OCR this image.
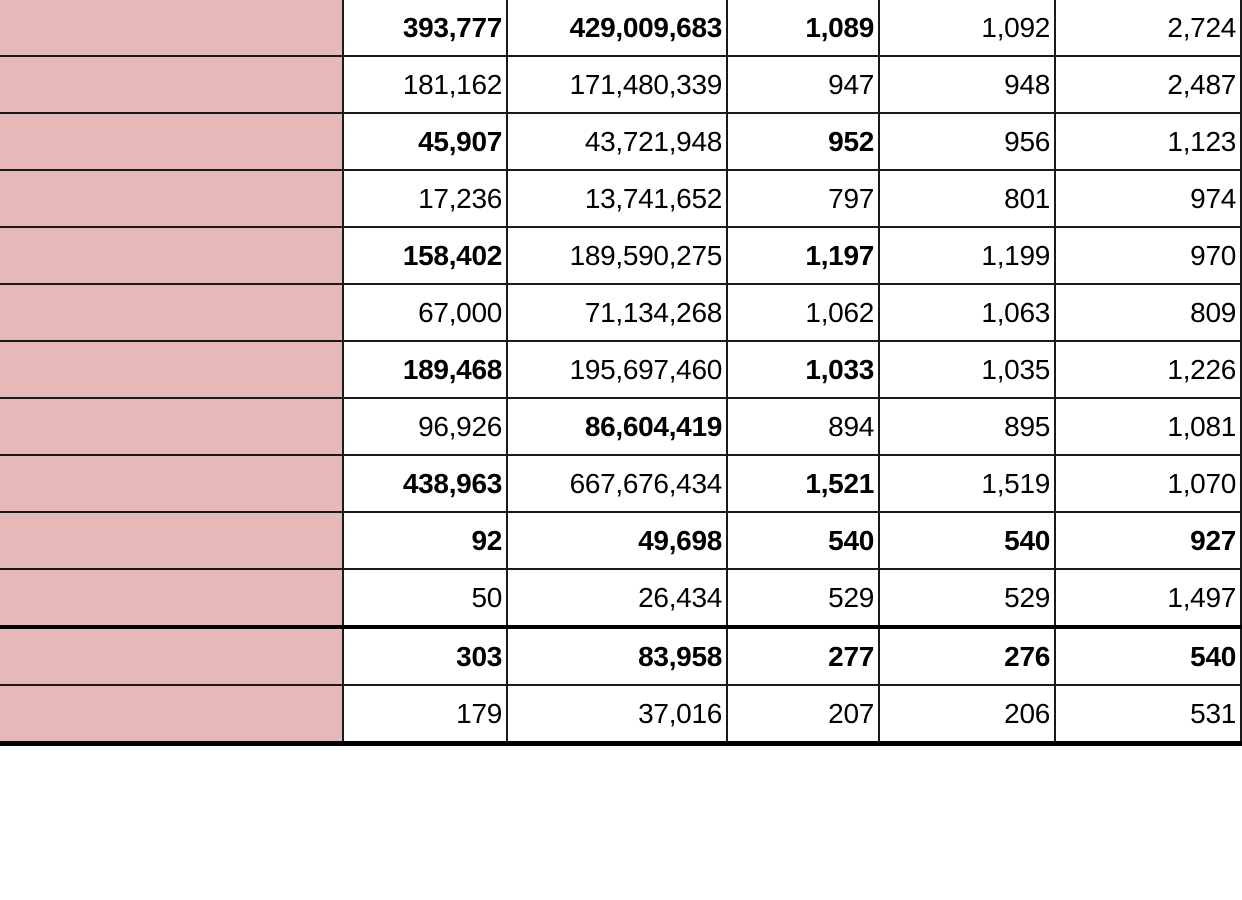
	393,777	429,009,683	1,089	1,092	2,724
	181,162	171,480,339	947	948	2,487
	45,907	43,721,948	952	956	1,123
	17,236	13,741,652	797	801	974
	158,402	189,590,275	1,197	1,199	970
	67,000	71,134,268	1,062	1,063	809
	189,468	195,697,460	1,033	1,035	1,226
	96,926	86,604,419	894	895	1,081
	438,963	667,676,434	1,521	1,519	1,070
	92	49,698	540	540	927
	50	26,434	529	529	1,497
	303	83,958	277	276	540
	179	37,016	207	206	531
